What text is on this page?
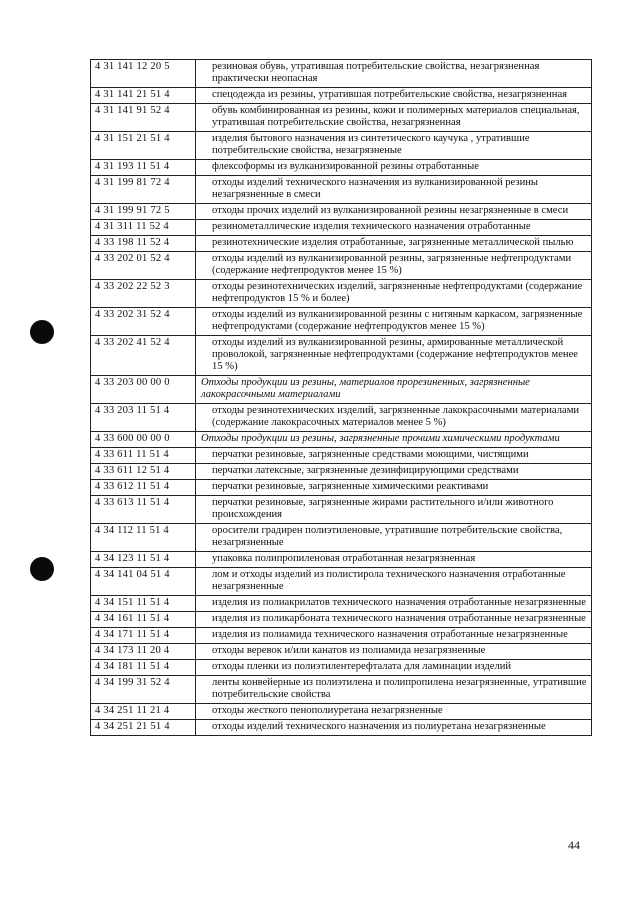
4 31 141 12 20 5	резиновая обувь, утратившая потребительские свойства, незагрязненная практически неопасная
4 31 141 21 51 4	спецодежда из резины, утратившая потребительские свойства, незагрязненная
4 31 141 91 52 4	обувь комбинированная из резины, кожи и полимерных материалов специальная, утратившая потребительские свойства, незагрязненная
4 31 151 21 51 4	изделия бытового назначения из синтетического каучука , утратившие потребительские свойства, незагрязненые
4 31 193 11 51 4	флексоформы из вулканизированной резины отработанные
4 31 199 81 72 4	отходы изделий технического назначения из вулканизированной резины незагрязненные в смеси
4 31 199 91 72 5	отходы прочих изделий из вулканизированной резины незагрязненные в смеси
4 31 311 11 52 4	резинометаллические изделия технического назначения отработанные
4 33 198 11 52 4	резинотехнические изделия отработанные, загрязненные металлической пылью
4 33 202 01 52 4	отходы изделий из вулканизированной резины, загрязненные нефтепродуктами (содержание нефтепродуктов менее 15 %)
4 33 202 22 52 3	отходы резинотехнических изделий, загрязненные нефтепродуктами (содержание нефтепродуктов 15 % и более)
4 33 202 31 52 4	отходы изделий из вулканизированной резины с нитяным каркасом, загрязненные нефтепродуктами (содержание нефтепродуктов менее 15 %)
4 33 202 41 52 4	отходы изделий из вулканизированной резины, армированные металлической проволокой, загрязненные нефтепродуктами (содержание нефтепродуктов менее 15 %)
4 33 203 00 00 0	Отходы продукции из резины, материалов прорезиненных, загрязненные лакокрасочными материалами
4 33 203 11 51 4	отходы резинотехнических изделий, загрязненные лакокрасочными материалами (содержание лакокрасочных материалов менее 5 %)
4 33 600 00 00 0	Отходы продукции из резины, загрязненные прочими химическими продуктами
4 33 611 11 51 4	перчатки резиновые, загрязненные средствами моющими, чистящими
4 33 611 12 51 4	перчатки латексные, загрязненные дезинфицирующими средствами
4 33 612 11 51 4	перчатки резиновые, загрязненные химическими реактивами
4 33 613 11 51 4	перчатки резиновые, загрязненные жирами растительного и/или животного происхождения
4 34 112 11 51 4	оросители градирен полиэтиленовые, утратившие потребительские свойства, незагрязненные
4 34 123 11 51 4	упаковка полипропиленовая отработанная незагрязненная
4 34 141 04 51 4	лом и отходы изделий из полистирола технического назначения отработанные незагрязненные
4 34 151 11 51 4	изделия из полиакрилатов технического назначения отработанные незагрязненные
4 34 161 11 51 4	изделия из поликарбоната технического назначения отработанные незагрязненные
4 34 171 11 51 4	изделия из полиамида технического назначения отработанные незагрязненные
4 34 173 11 20 4	отходы веревок и/или канатов из полиамида незагрязненные
4 34 181 11 51 4	отходы пленки из полиэтилентерефталата для ламинации изделий
4 34 199 31 52 4	ленты конвейерные из полиэтилена и полипропилена незагрязненные, утратившие потребительские свойства
4 34 251 11 21 4	отходы жесткого пенополиуретана незагрязненные
4 34 251 21 51 4	отходы изделий технического назначения из полиуретана незагрязненные
44
